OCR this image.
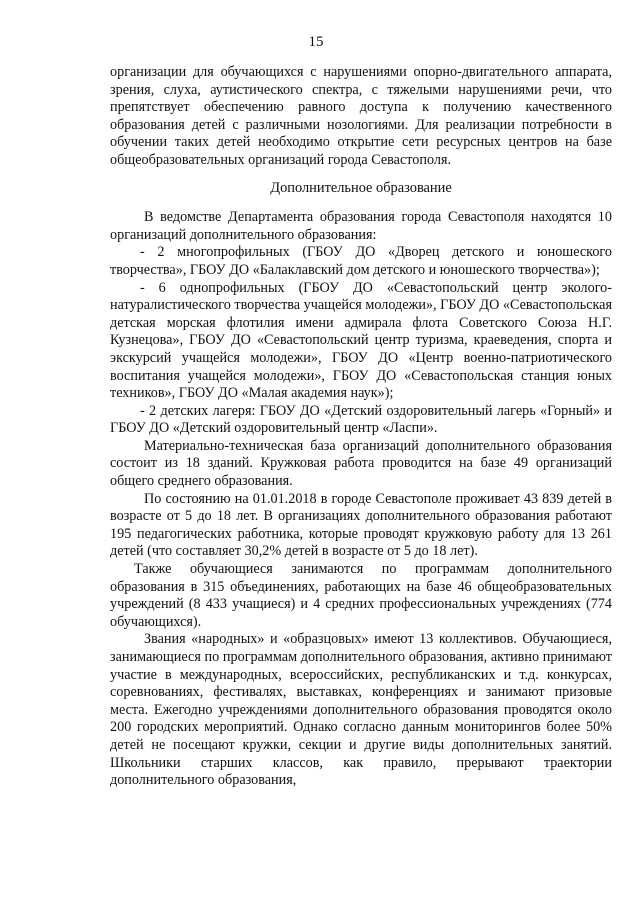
15

организации для обучающихся с нарушениями опорно-двигательного аппарата, зрения, слуха, аутистического спектра, с тяжелыми нарушениями речи, что препятствует обеспечению равного доступа к получению качественного образования детей с различными нозологиями. Для реализации потребности в обучении таких детей необходимо открытие сети ресурсных центров на базе общеобразовательных организаций города Севастополя.

Дополнительное образование

В ведомстве Департамента образования города Севастополя находятся 10 организаций дополнительного образования:

- 2 многопрофильных (ГБОУ ДО «Дворец детского и юношеского творчества», ГБОУ ДО «Балаклавский дом детского и юношеского творчества»);

- 6 однопрофильных (ГБОУ ДО «Севастопольский центр эколого-натуралистического творчества учащейся молодежи», ГБОУ ДО «Севастопольская детская морская флотилия имени адмирала флота Советского Союза Н.Г. Кузнецова», ГБОУ ДО «Севастопольский центр туризма, краеведения, спорта и экскурсий учащейся молодежи», ГБОУ ДО «Центр военно-патриотического воспитания учащейся молодежи», ГБОУ ДО «Севастопольская станция юных техников», ГБОУ ДО «Малая академия наук»);

- 2 детских лагеря: ГБОУ ДО «Детский оздоровительный лагерь «Горный» и ГБОУ ДО «Детский оздоровительный центр «Ласпи».

Материально-техническая база организаций дополнительного образования состоит из 18 зданий. Кружковая работа проводится на базе 49 организаций общего среднего образования.

По состоянию на 01.01.2018 в городе Севастополе проживает 43 839 детей в возрасте от 5 до 18 лет. В организациях дополнительного образования работают 195 педагогических работника, которые проводят кружковую работу для 13 261 детей (что составляет 30,2% детей в возрасте от 5 до 18 лет).

Также обучающиеся занимаются по программам дополнительного образования в 315 объединениях, работающих на базе 46 общеобразовательных учреждений (8 433 учащиеся) и 4 средних профессиональных учреждениях (774 обучающихся).

Звания «народных» и «образцовых» имеют 13 коллективов. Обучающиеся, занимающиеся по программам дополнительного образования, активно принимают участие в международных, всероссийских, республиканских и т.д. конкурсах, соревнованиях, фестивалях, выставках, конференциях и занимают призовые места. Ежегодно учреждениями дополнительного образования проводятся около 200 городских мероприятий. Однако согласно данным мониторингов более 50% детей не посещают кружки, секции и другие виды дополнительных занятий. Школьники старших классов, как правило, прерывают траектории дополнительного образования,
